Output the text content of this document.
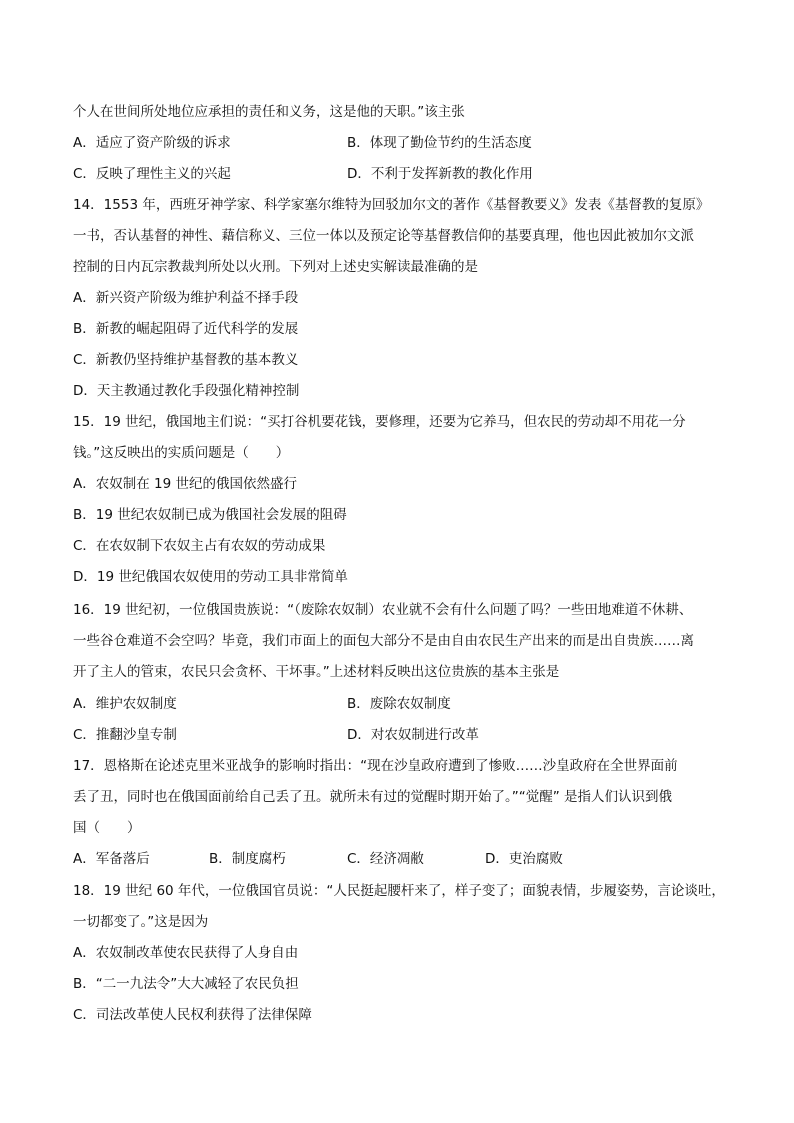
个人在世间所处地位应承担的责任和义务，这是他的天职。”该主张
A．适应了资产阶级的诉求	B．体现了勤俭节约的生活态度
C．反映了理性主义的兴起	D．不利于发挥新教的教化作用
14．1553 年，西班牙神学家、科学家塞尔维特为回驳加尔文的著作《基督教要义》发表《基督教的复原》
一书，否认基督的神性、藉信称义、三位一体以及预定论等基督教信仰的基要真理，他也因此被加尔文派
控制的日内瓦宗教裁判所处以火刑。下列对上述史实解读最准确的是
A．新兴资产阶级为维护利益不择手段
B．新教的崛起阻碍了近代科学的发展
C．新教仍坚持维护基督教的基本教义
D．天主教通过教化手段强化精神控制
15．19 世纪，俄国地主们说：“买打谷机要花钱，要修理，还要为它养马，但农民的劳动却不用花一分
钱。”这反映出的实质问题是（　　）
A．农奴制在 19 世纪的俄国依然盛行
B．19 世纪农奴制已成为俄国社会发展的阻碍
C．在农奴制下农奴主占有农奴的劳动成果
D．19 世纪俄国农奴使用的劳动工具非常简单
16．19 世纪初，一位俄国贵族说：“（废除农奴制）农业就不会有什么问题了吗？一些田地难道不休耕、
一些谷仓难道不会空吗？毕竟，我们市面上的面包大部分不是由自由农民生产出来的而是出自贵族……离
开了主人的管束，农民只会贪杯、干坏事。”上述材料反映出这位贵族的基本主张是
A．维护农奴制度	B．废除农奴制度
C．推翻沙皇专制	D．对农奴制进行改革
17．恩格斯在论述克里米亚战争的影响时指出：“现在沙皇政府遭到了惨败……沙皇政府在全世界面前
丢了丑，同时也在俄国面前给自己丢了丑。就所未有过的觉醒时期开始了。”“觉醒” 是指人们认识到俄
国（　　）
A．军备落后	B．制度腐朽	C．经济凋敝	D．吏治腐败
18．19 世纪 60 年代，一位俄国官员说：“人民挺起腰杆来了，样子变了；面貌表情，步履姿势，言论谈吐，
一切都变了。”这是因为
A．农奴制改革使农民获得了人身自由
B．“二一九法令”大大减轻了农民负担
C．司法改革使人民权利获得了法律保障
